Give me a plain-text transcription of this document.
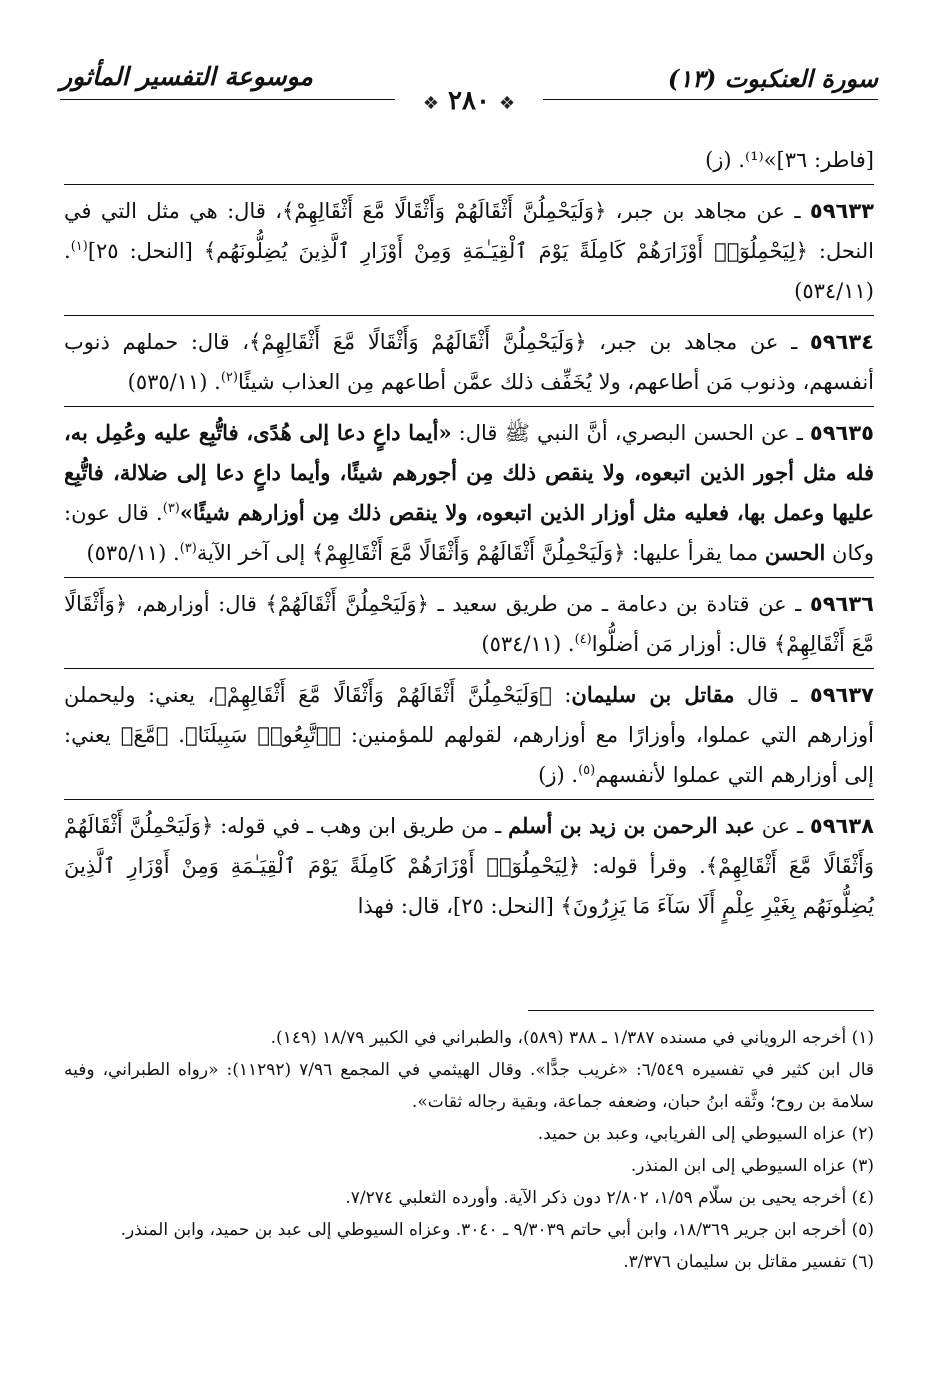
سورة العنكبوت (١٣)
موسوعة التفسير المأثور
❖ ٢٨٠ ❖

[فاطر: ٣٦]»⁽¹⁾. (ز)

٥٩٦٣٣ ـ عن مجاهد بن جبر، ﴿وَلَيَحْمِلُنَّ أَثْقَالَهُمْ وَأَثْقَالًا مَّعَ أَثْقَالِهِمْ﴾، قال: هي مثل التي في النحل: ﴿لِيَحْمِلُوٓا۟ أَوْزَارَهُمْ كَامِلَةً يَوْمَ ٱلْقِيَـٰمَةِ وَمِنْ أَوْزَارِ ٱلَّذِينَ يُضِلُّونَهُم﴾ [النحل: ٢٥]$^{(١)}$. (٥٣٤/١١)

٥٩٦٣٤ ـ عن مجاهد بن جبر، ﴿وَلَيَحْمِلُنَّ أَثْقَالَهُمْ وَأَثْقَالًا مَّعَ أَثْقَالِهِمْ﴾، قال: حملهم ذنوب أنفسهم، وذنوب مَن أطاعهم، ولا يُخَفِّف ذلك عمَّن أطاعهم مِن العذاب شيئًا$^{(٢)}$. (٥٣٥/١١)

٥٩٦٣٥ ـ عن الحسن البصري، أنَّ النبي ﷺ قال: «أيما داعٍ دعا إلى هُدًى، فاتُّبِع عليه وعُمِل به، فله مثل أجور الذين اتبعوه، ولا ينقص ذلك مِن أجورهم شيئًا، وأيما داعٍ دعا إلى ضلالة، فاتُّبِع عليها وعمل بها، فعليه مثل أوزار الذين اتبعوه، ولا ينقص ذلك مِن أوزارهم شيئًا»$^{(٣)}$. قال عون: وكان الحسن مما يقرأ عليها: ﴿وَلَيَحْمِلُنَّ أَثْقَالَهُمْ وَأَثْقَالًا مَّعَ أَثْقَالِهِمْ﴾ إلى آخر الآية$^{(٣)}$. (٥٣٥/١١)

٥٩٦٣٦ ـ عن قتادة بن دعامة ـ من طريق سعيد ـ ﴿وَلَيَحْمِلُنَّ أَثْقَالَهُمْ﴾ قال: أوزارهم، ﴿وَأَثْقَالًا مَّعَ أَثْقَالِهِمْ﴾ قال: أوزار مَن أضلُّوا$^{(٤)}$. (٥٣٤/١١)

٥٩٦٣٧ ـ قال مقاتل بن سليمان: ﴿وَلَيَحْمِلُنَّ أَثْقَالَهُمْ وَأَثْقَالًا مَّعَ أَثْقَالِهِمْ﴾، يعني: وليحملن أوزارهم التي عملوا، وأوزارًا مع أوزارهم، لقولهم للمؤمنين: ﴿ٱتَّبِعُوا۟ سَبِيلَنَا﴾. ﴿مَّعَ﴾ يعني: إلى أوزارهم التي عملوا لأنفسهم$^{(٥)}$. (ز)

٥٩٦٣٨ ـ عن عبد الرحمن بن زيد بن أسلم ـ من طريق ابن وهب ـ في قوله: ﴿وَلَيَحْمِلُنَّ أَثْقَالَهُمْ وَأَثْقَالًا مَّعَ أَثْقَالِهِمْ﴾. وقرأ قوله: ﴿لِيَحْمِلُوٓا۟ أَوْزَارَهُمْ كَامِلَةً يَوْمَ ٱلْقِيَـٰمَةِ وَمِنْ أَوْزَارِ ٱلَّذِينَ يُضِلُّونَهُم بِغَيْرِ عِلْمٍ أَلَا سَآءَ مَا يَزِرُونَ﴾ [النحل: ٢٥]، قال: فهذا

(١) أخرجه الروياني في مسنده ١/٣٨٧ ـ ٣٨٨ (٥٨٩)، والطبراني في الكبير ١٨/٧٩ (١٤٩).

قال ابن كثير في تفسيره ٦/٥٤٩: «غريب جدًّا». وقال الهيثمي في المجمع ٧/٩٦ (١١٢٩٢): «رواه الطبراني، وفيه سلامة بن روح؛ وثَّقه ابنُ حبان، وضعفه جماعة، وبقية رجاله ثقات».

(٢) عزاه السيوطي إلى الفريابي، وعبد بن حميد.

(٣) عزاه السيوطي إلى ابن المنذر.

(٤) أخرجه يحيى بن سلّام ١/٥٩، ٢/٨٠٢ دون ذكر الآية. وأورده الثعلبي ٧/٢٧٤.

(٥) أخرجه ابن جرير ١٨/٣٦٩، وابن أبي حاتم ٩/٣٠٣٩ ـ ٣٠٤٠. وعزاه السيوطي إلى عبد بن حميد، وابن المنذر.

(٦) تفسير مقاتل بن سليمان ٣/٣٧٦.
